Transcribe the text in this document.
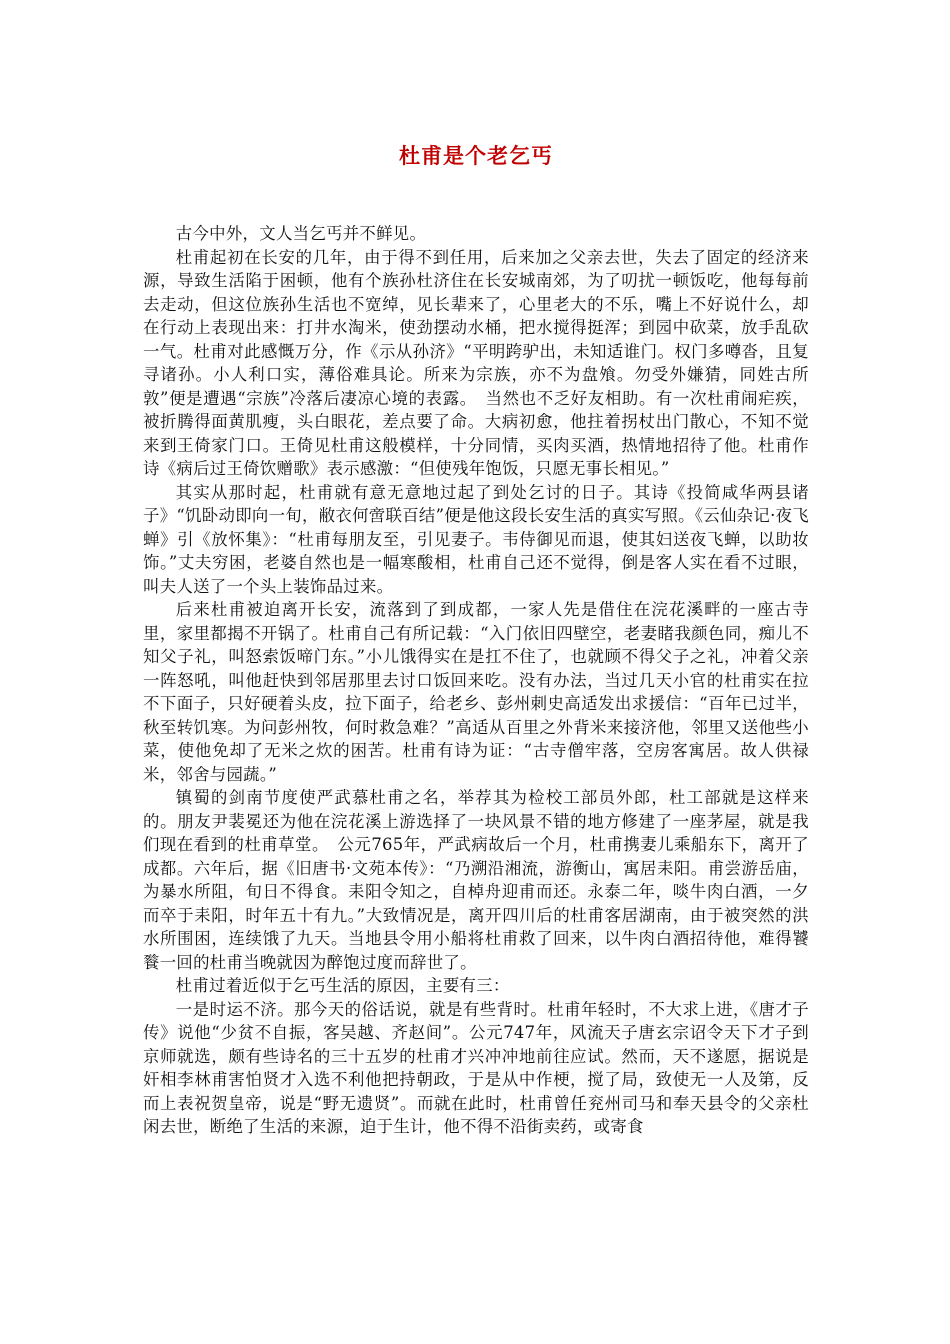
杜甫是个老乞丐

古今中外，文人当乞丐并不鲜见。

杜甫起初在长安的几年，由于得不到任用，后来加之父亲去世，失去了固定的经济来源，导致生活陷于困顿，他有个族孙杜济住在长安城南郊，为了叨扰一顿饭吃，他每每前去走动，但这位族孙生活也不宽绰，见长辈来了，心里老大的不乐，嘴上不好说什么，却在行动上表现出来：打井水淘米，使劲摆动水桶，把水搅得挺浑；到园中砍菜，放手乱砍一气。杜甫对此感慨万分，作《示从孙济》“平明跨驴出，未知适谁门。权门多噂沓，且复寻诸孙。小人利口实，薄俗难具论。所来为宗族，亦不为盘飧。勿受外嫌猜，同姓古所敦”便是遭遇“宗族”冷落后凄凉心境的表露。　当然也不乏好友相助。有一次杜甫闹疟疾，被折腾得面黄肌瘦，头白眼花，差点要了命。大病初愈，他拄着拐杖出门散心，不知不觉来到王倚家门口。王倚见杜甫这般模样，十分同情，买肉买酒，热情地招待了他。杜甫作诗《病后过王倚饮赠歌》表示感激：“但使残年饱饭，只愿无事长相见。”

其实从那时起，杜甫就有意无意地过起了到处乞讨的日子。其诗《投简咸华两县诸子》“饥卧动即向一旬，敝衣何啻联百结”便是他这段长安生活的真实写照。《云仙杂记·夜飞蝉》引《放怀集》：“杜甫每朋友至，引见妻子。韦侍御见而退，使其妇送夜飞蝉，以助妆饰。”丈夫穷困，老婆自然也是一幅寒酸相，杜甫自己还不觉得，倒是客人实在看不过眼，叫夫人送了一个头上装饰品过来。

后来杜甫被迫离开长安，流落到了到成都，一家人先是借住在浣花溪畔的一座古寺里，家里都揭不开锅了。杜甫自己有所记载：“入门依旧四壁空，老妻睹我颜色同，痴儿不知父子礼，叫怒索饭啼门东。”小儿饿得实在是扛不住了，也就顾不得父子之礼，冲着父亲一阵怒吼，叫他赶快到邻居那里去讨口饭回来吃。没有办法，当过几天小官的杜甫实在拉不下面子，只好硬着头皮，拉下面子，给老乡、彭州刺史高适发出求援信：“百年已过半，秋至转饥寒。为问彭州牧，何时救急难？”高适从百里之外背米来接济他，邻里又送他些小菜，使他免却了无米之炊的困苦。杜甫有诗为证：“古寺僧牢落，空房客寓居。故人供禄米，邻舍与园蔬。”

镇蜀的剑南节度使严武慕杜甫之名，举荐其为检校工部员外郎，杜工部就是这样来的。朋友尹裴冕还为他在浣花溪上游选择了一块风景不错的地方修建了一座茅屋，就是我们现在看到的杜甫草堂。　公元765年，严武病故后一个月，杜甫携妻儿乘船东下，离开了成都。六年后，据《旧唐书·文苑本传》：“乃溯沿湘流，游衡山，寓居耒阳。甫尝游岳庙，为暴水所阻，旬日不得食。耒阳令知之，自棹舟迎甫而还。永泰二年，啖牛肉白酒，一夕而卒于耒阳，时年五十有九。”大致情况是，离开四川后的杜甫客居湖南，由于被突然的洪水所围困，连续饿了九天。当地县令用小船将杜甫救了回来，以牛肉白酒招待他，难得饕餮一回的杜甫当晚就因为醉饱过度而辞世了。

杜甫过着近似于乞丐生活的原因，主要有三：

一是时运不济。那今天的俗话说，就是有些背时。杜甫年轻时，不大求上进，《唐才子传》说他“少贫不自振，客吴越、齐赵间”。公元747年，风流天子唐玄宗诏令天下才子到京师就选，颇有些诗名的三十五岁的杜甫才兴冲冲地前往应试。然而，天不遂愿，据说是奸相李林甫害怕贤才入选不利他把持朝政，于是从中作梗，搅了局，致使无一人及第，反而上表祝贺皇帝，说是“野无遗贤”。而就在此时，杜甫曾任兖州司马和奉天县令的父亲杜闲去世，断绝了生活的来源，迫于生计，他不得不沿街卖药，或寄食
